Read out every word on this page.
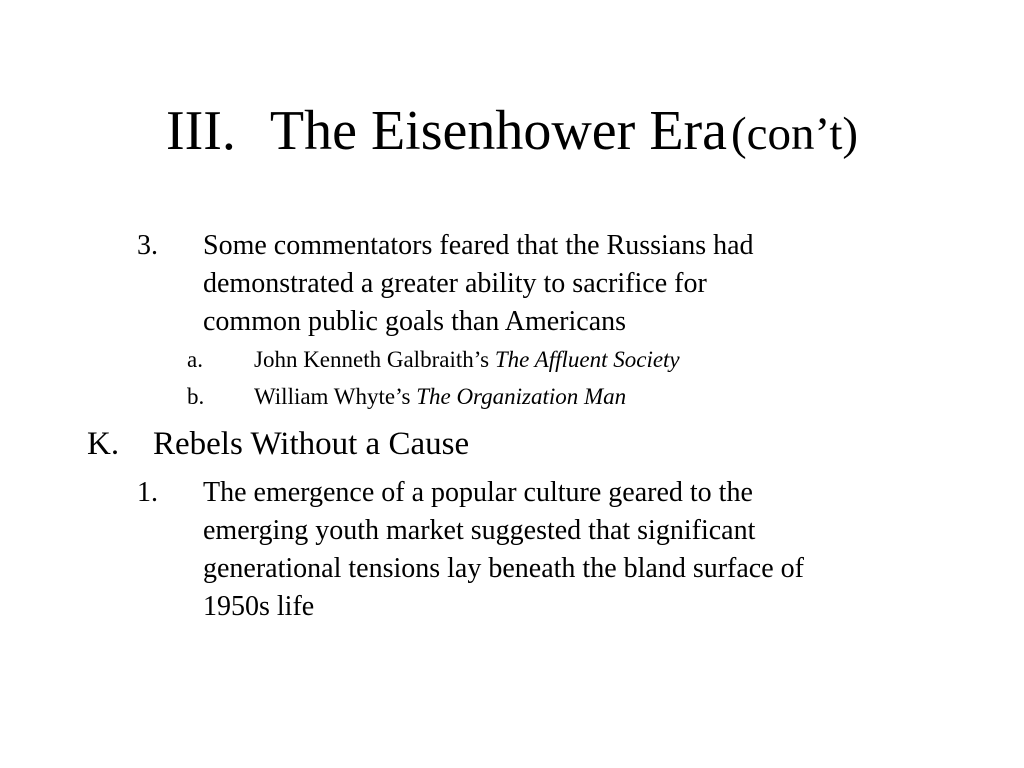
III. The Eisenhower Era (con’t)
3. Some commentators feared that the Russians had
demonstrated a greater ability to sacrifice for
common public goals than Americans
a. John Kenneth Galbraith’s The Affluent Society
b. William Whyte’s The Organization Man
K. Rebels Without a Cause
1. The emergence of a popular culture geared to the
emerging youth market suggested that significant
generational tensions lay beneath the bland surface of
1950s life
